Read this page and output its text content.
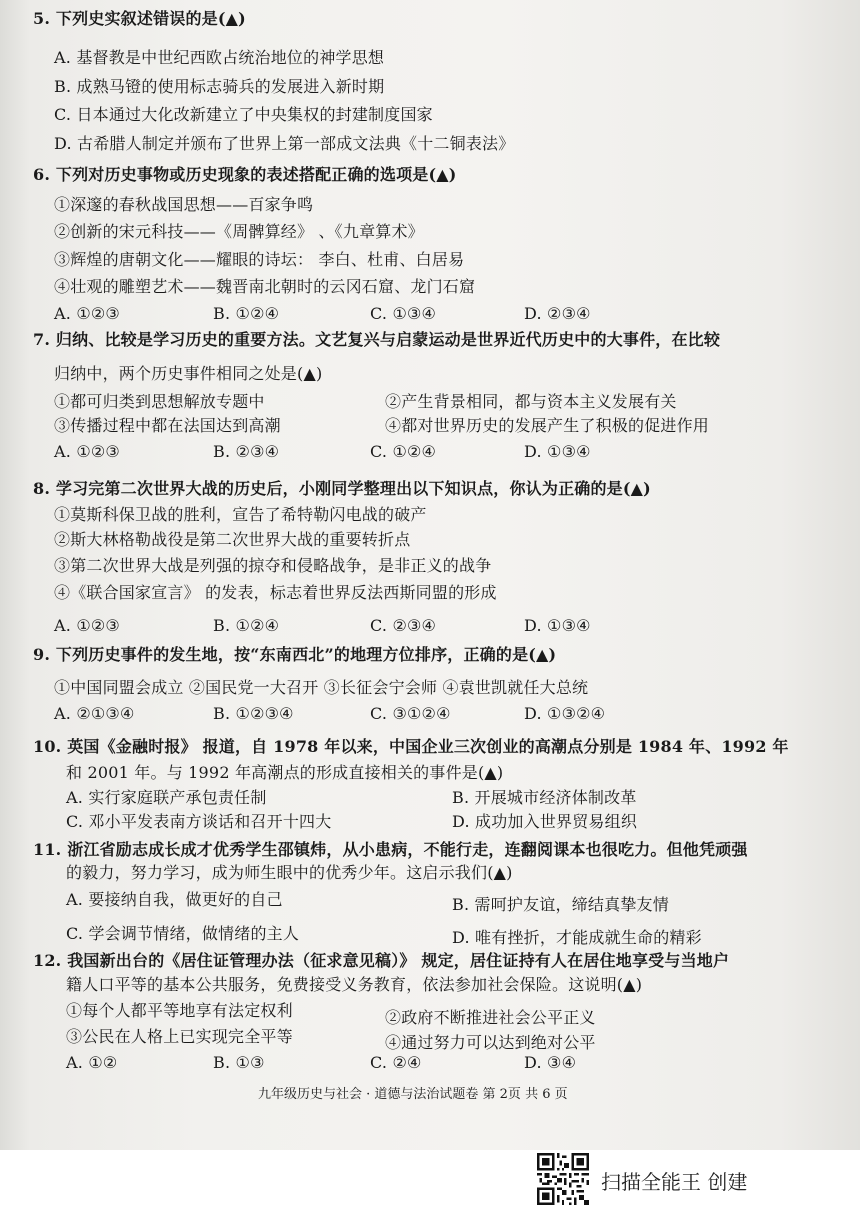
5. 下列史实叙述错误的是(▲)
A. 基督教是中世纪西欧占统治地位的神学思想
B. 成熟马镫的使用标志骑兵的发展进入新时期
C. 日本通过大化改新建立了中央集权的封建制度国家
D. 古希腊人制定并颁布了世界上第一部成文法典《十二铜表法》
6. 下列对历史事物或历史现象的表述搭配正确的选项是(▲)
①深邃的春秋战国思想——百家争鸣
②创新的宋元科技——《周髀算经》 、《九章算术》
③辉煌的唐朝文化——耀眼的诗坛： 李白、杜甫、白居易
④壮观的雕塑艺术——魏晋南北朝时的云冈石窟、龙门石窟
A. ①②③	B. ①②④	C. ①③④	D. ②③④
7. 归纳、比较是学习历史的重要方法。文艺复兴与启蒙运动是世界近代历史中的大事件，在比较
归纳中，两个历史事件相同之处是(▲)
①都可归类到思想解放专题中	②产生背景相同，都与资本主义发展有关
③传播过程中都在法国达到高潮	④都对世界历史的发展产生了积极的促进作用
A. ①②③	B. ②③④	C. ①②④	D. ①③④
8. 学习完第二次世界大战的历史后，小刚同学整理出以下知识点，你认为正确的是(▲)
①莫斯科保卫战的胜利，宣告了希特勒闪电战的破产
②斯大林格勒战役是第二次世界大战的重要转折点
③第二次世界大战是列强的掠夺和侵略战争，是非正义的战争
④《联合国家宣言》 的发表，标志着世界反法西斯同盟的形成
A. ①②③	B. ①②④	C. ②③④	D. ①③④
9. 下列历史事件的发生地，按“东南西北”的地理方位排序，正确的是(▲)
①中国同盟会成立 ②国民党一大召开 ③长征会宁会师 ④袁世凯就任大总统
A. ②①③④	B. ①②③④	C. ③①②④	D. ①③②④
10. 英国《金融时报》 报道，自 1978 年以来，中国企业三次创业的高潮点分别是 1984 年、1992 年
和 2001 年。与 1992 年高潮点的形成直接相关的事件是(▲)
A. 实行家庭联产承包责任制	B. 开展城市经济体制改革
C. 邓小平发表南方谈话和召开十四大	D. 成功加入世界贸易组织
11. 浙江省励志成长成才优秀学生邵镇炜，从小患病，不能行走，连翻阅课本也很吃力。但他凭顽强
的毅力，努力学习，成为师生眼中的优秀少年。这启示我们(▲)
A. 要接纳自我，做更好的自己	B. 需呵护友谊，缔结真挚友情
C. 学会调节情绪，做情绪的主人	D. 唯有挫折，才能成就生命的精彩
12. 我国新出台的《居住证管理办法（征求意见稿）》 规定，居住证持有人在居住地享受与当地户
籍人口平等的基本公共服务，免费接受义务教育，依法参加社会保险。这说明(▲)
①每个人都平等地享有法定权利	②政府不断推进社会公平正义
③公民在人格上已实现完全平等	④通过努力可以达到绝对公平
A. ①②	B. ①③	C. ②④	D. ③④
九年级历史与社会 · 道德与法治试题卷 第 2页 共 6 页
扫描全能王 创建
